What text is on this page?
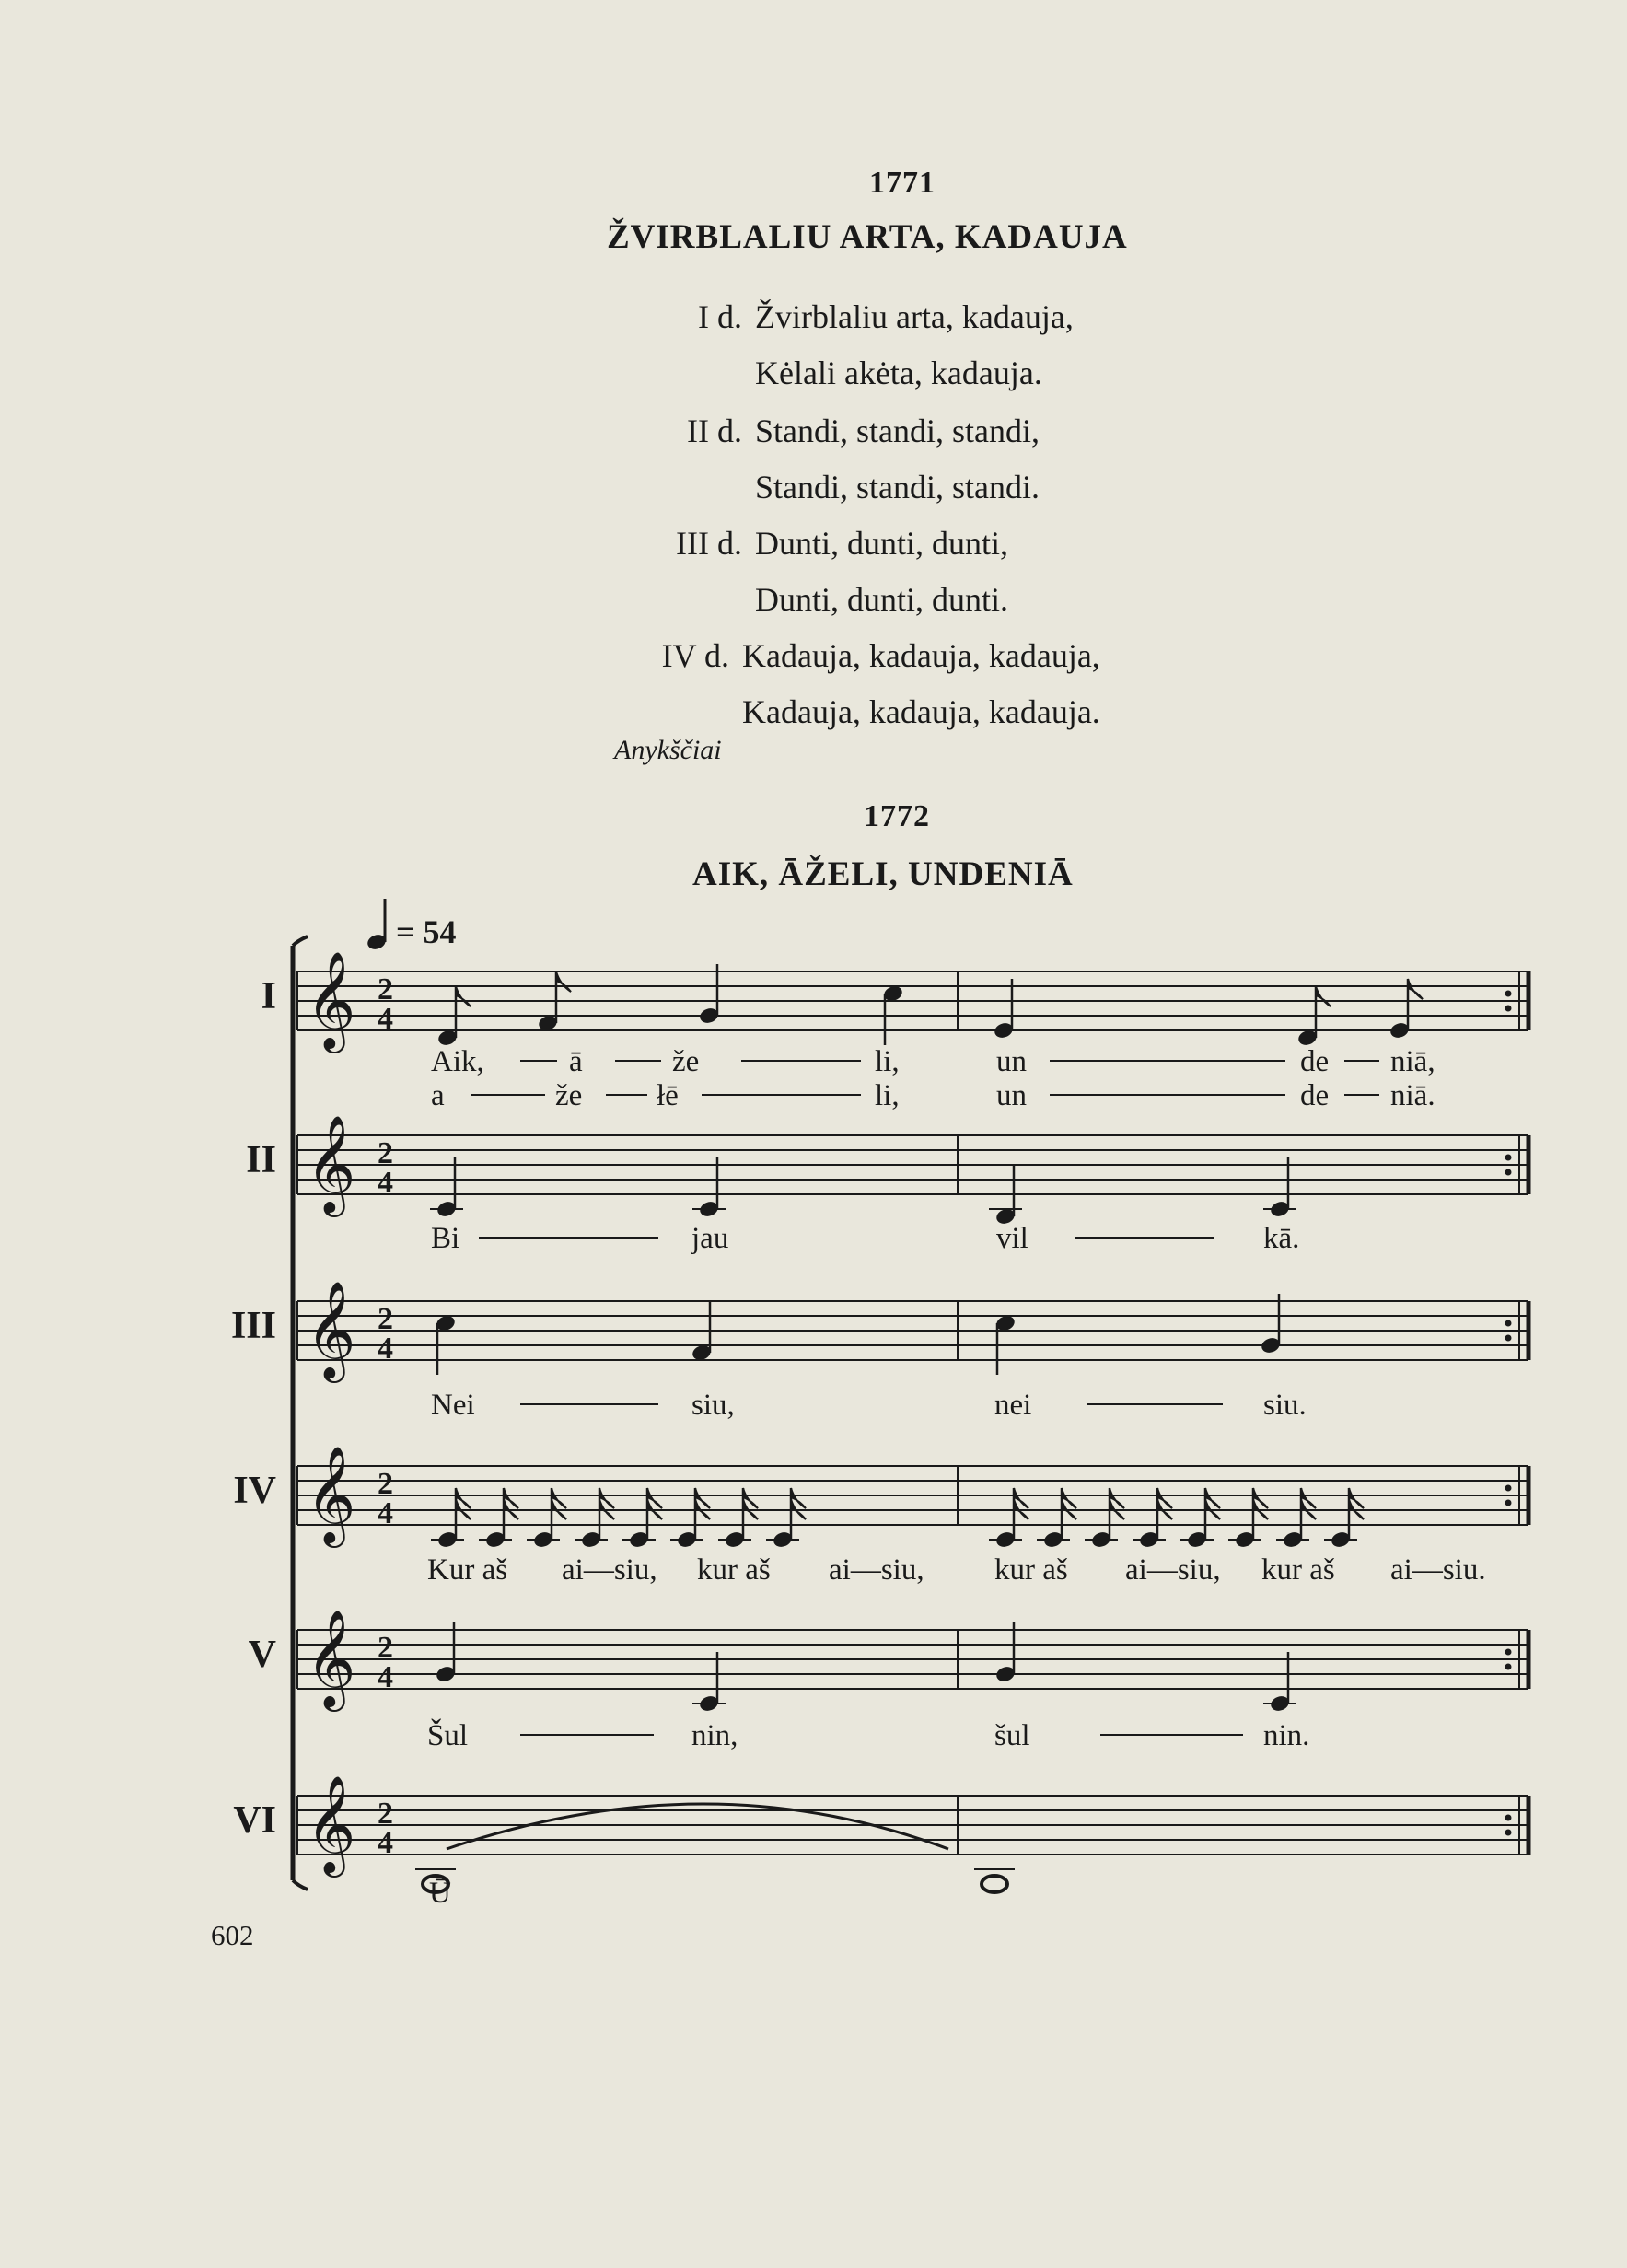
1771
ŽVIRBLALIU ARTA, KADAUJA
I d. Žvirblaliu arta, kadauja,
Kėlali akėta, kadauja.
II d. Standi, standi, standi,
Standi, standi, standi.
III d. Dunti, dunti, dunti,
Dunti, dunti, dunti.
IV d. Kadauja, kadauja, kadauja,
Kadauja, kadauja, kadauja.
Anykščiai
1772
AIK, ĀŽELI, UNDENIĀ
= 54
I 𝄞 2
4
Aik,	ā	že	li,	un	de niā,
a	že łē	li,	un	de niā.
II 𝄞 2
4
Bi	jau	vil	kā.
III 𝄞 2
4
Nei	siu,	nei	siu.
IV 𝄞 2
4
Kur aš ai—siu, kur aš ai—siu, kur aš ai—siu, kur aš ai—siu.
V 𝄞 2
4
Šul	nin,	šul	nin.
VI 𝄞 2
4
Ū
602
